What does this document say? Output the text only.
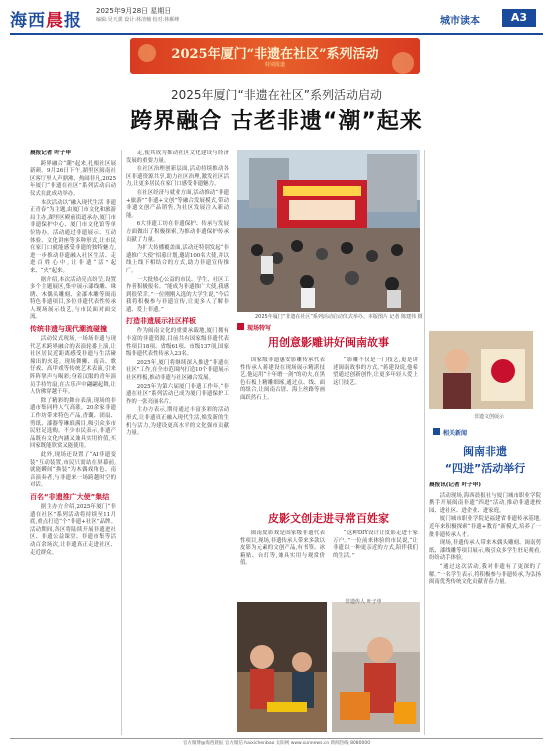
海西晨报 2025年9月28日 星期日
编辑:吴天骐 设计:林清楠 校对:林雁峰	城市读本	A3
2025年厦门“非遗在社区”系列活动
特别报道
2025年厦门“非遗在社区”系列活动启动
跨界融合 古老非遗“潮”起来
晨报记者 叶子申

跨界融合“潮”起来,扎根社区展新颜。9月26日下午,湖里区闽南社区客厅里人声鼎沸、热闹非凡,2025年厦门“非遗在社区”系列活动启动仪式在此成功举办。

本次活动以“融入现代生活 非遗正青春”为主题,由厦门市文化和旅游局主办,湖里区殿前街道承办,厦门市非遗保护中心、厦门市文化馆等单位协办。活动通过非遗展示、互动体验、文化讲座等多种形式,让市民在家门口就能感受非遗的独特魅力,进一步推动非遗融入社区生活、走进百姓心中,让非遗“活”起来、“火”起来。

据介绍,本次活动亮点纷呈,设置多个主题展区,集中展示漆线雕、珠绣、木偶头雕刻、金漆木雕等闽南特色非遗项目,多位非遗代表性传承人现场展示技艺,与市民面对面交流。

传统非遗与现代潮流碰撞

活动仪式现场,一场场非遗与现代艺术跨界融合的表演轮番上演,让社区居民近距离感受非遗与生活碰撞出的火花。现场舞狮、南音、歌仔戏、高甲戏等传统艺术表演,引来阵阵掌声与喝彩;身着汉服的青年演员手持竹扇,在古乐声中翩翩起舞,让人仿佛穿越千年。

除了精彩的舞台表演,现场的非遗市集同样人气高涨。20余家非遗工作坊带来特色产品,香囊、团扇、剪纸、漆器等琳琅满目,吸引众多市民驻足选购。不少市民表示,非遗产品既有文化内涵又兼具实用价值,买回家既能欣赏又能使用。

此外,现场还设置了“AI非遗变装”互动装置,市民只需站在屏幕前,就能瞬间“换装”为木偶戏角色、南音演奏者,与非遗来一场跨越时空的对话。

百名“非遗推广大使”集结

据主办方介绍,2025年厦门“非遗在社区”系列活动将持续至11月底,重点打造“个”非遗+社区”品牌。活动期间,各区将陆续开展非遗进社区、非遗公益课堂、非遗市集等活动百余场次,让非遗真正走进社区、走近群众。

走,使其成为推动社区文化建设与经济发展的重要力量。

在社区治理创新层面,活动持续推动各区非遗资源共享,助力社区治理,激发社区活力,让更多居民在家门口感受非遗魅力。

在社区经济与就业方面,活动推动“非遗+旅游”“非遗+文创”等融合发展模式,带动非遗文创产品销售,为社区发展注入新动能。

6大非遗工坊在非遗保护、传承与发展方面做出了积极探索,为推动非遗保护传承贡献了力量。

为扩大传播覆盖面,活动还特别发起“非遗推广大使”招募计划,邀请100名大使,并以线上线下相结合的方式,助力非遗宣传推广。

一大批热心公益的市民、学生、社区工作者积极报名。“能成为非遗推广大使,我感到很荣幸。”一位刚刚入选的大学生说,“今后我将积极参与非遗宣传,让更多人了解非遗、爱上非遗。”

打造非遗展示社区样板

作为闽南文化的重要承载地,厦门拥有丰富的非遗资源,目前共有国家级非遗代表性项目18项、省级61项、市级137项,国家级非遗代表性传承人23名。

2025年,厦门将继续深入推进“非遗在社区”工作,在全市范围内打造10个非遗展示社区样板,推动非遗与社区融合发展。

2025年为第六届厦门非遗工作年,“非遗在社区”系列活动已成为厦门非遗保护工作的一张亮丽名片。

主办方表示,期待通过丰富多彩的活动形式,让非遗真正融入现代生活,焕发新的生机与活力,为建设更高水平的文化强市贡献力量。

2025年厦门“非遗在社区”系列活动启动仪式举办。本版图片 记者 陈建伟 摄
现场特写
用创意影雕讲好闽南故事

国家级非遗惠安影雕传承代表性传承人蒋建设在现场展示精湛技艺,他运用“十年磨一剑”的功夫,在黑色石板上精雕细琢,通过点、线、面的组合,让闽南古厝、海上丝路等画面跃然石上。

“影雕不仅是一门技艺,更是讲述闽南故事的方式。”蒋建设说,他希望通过创新创作,让更多年轻人爱上这门技艺。

皮影文创走进寻常百姓家

闽南皮影戏是国家级非遗代表性项目,现场,非遗传承人带来多款以皮影为元素的文创产品,有书签、冰箱贴、台灯等,兼具实用与观赏价值。

“这种DIY设计让皮影走进千家万户。”一位前来体验的市民说,“让非遗以一种更亲近的方式,陪伴我们的生活。”

非遗传人 叶子申
非遗文创展示
相关新闻
闽南非遗
“四进”活动举行
晨报讯(记者 叶子申)

活动现场,海西晨报社与厦门城市职业学院携手开展闽南非遗“四进”活动,推动非遗进校园、进社区、进企业、进家庭。

厦门城市职业学院是福建省非遗传承基地,近年来积极探索“非遗+教育”新模式,培养了一批非遗传承人才。

现场,非遗传承人带来木偶头雕刻、闽南剪纸、漆线雕等项目展示,吸引众多学生驻足观看,纷纷动手体验。

“通过这次活动,我对非遗有了更深的了解。”一名学生表示,将积极参与非遗传承,为弘扬闽南优秀传统文化贡献青春力量。

官方微博@海西晨报 官方微信 haixichenbao 太阳网 www.sunnews.cn 新闻热线 8080000
